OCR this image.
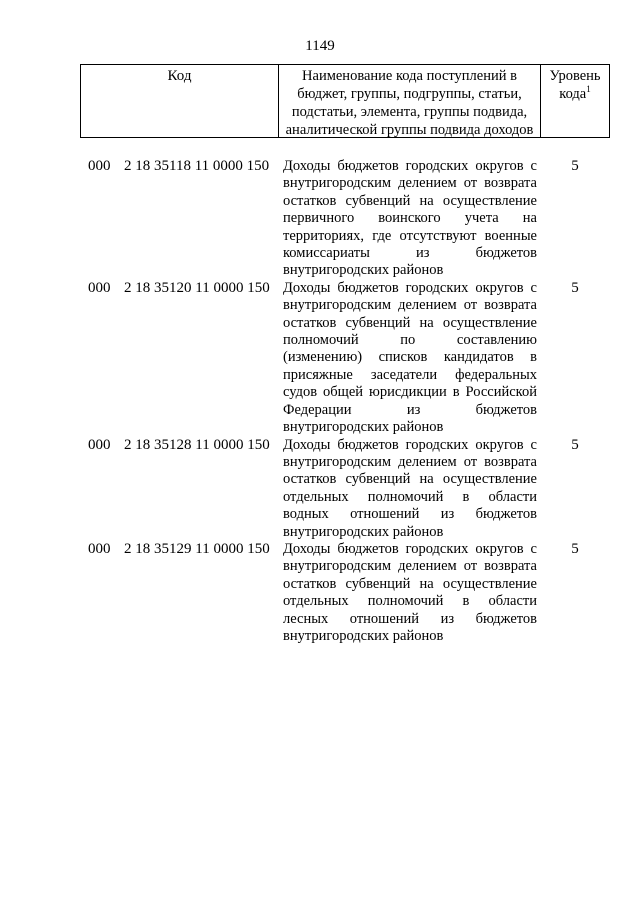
1149
Код	Наименование кода поступлений в бюджет, группы, подгруппы, статьи, подстатьи, элемента, группы подвида, аналитической группы подвида доходов
Уровень кода$^1$
000 2 18 35118 11 0000 150 Доходы бюджетов городских округов с внутригородским делением от возврата остатков субвенций на осуществление первичного воинского учета на территориях, где отсутствуют военные комиссариаты из бюджетов внутригородских районов

5
000 2 18 35120 11 0000 150 Доходы бюджетов городских округов с внутригородским делением от возврата остатков субвенций на осуществление полномочий по составлению (изменению) списков кандидатов в присяжные заседатели федеральных судов общей юрисдикции в Российской Федерации из бюджетов внутригородских районов

5
000 2 18 35128 11 0000 150 Доходы бюджетов городских округов с внутригородским делением от возврата остатков субвенций на осуществление отдельных полномочий в области водных отношений из бюджетов внутригородских районов

5
000 2 18 35129 11 0000 150 Доходы бюджетов городских округов с внутригородским делением от возврата остатков субвенций на осуществление отдельных полномочий в области лесных отношений из бюджетов внутригородских районов

5
